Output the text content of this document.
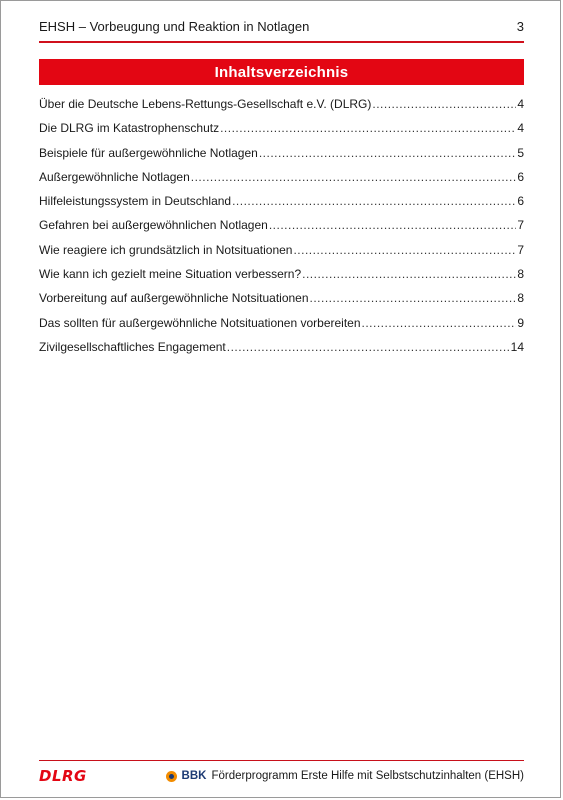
EHSH – Vorbeugung und Reaktion in Notlagen	3
Inhaltsverzeichnis
Über die Deutsche Lebens-Rettungs-Gesellschaft e.V. (DLRG) .....	4
Die DLRG im Katastrophenschutz .....	4
Beispiele für außergewöhnliche Notlagen .....	5
Außergewöhnliche Notlagen .....	6
Hilfeleistungssystem in Deutschland .....	6
Gefahren bei außergewöhnlichen Notlagen .....	7
Wie reagiere ich grundsätzlich in Notsituationen .....	7
Wie kann ich gezielt meine Situation verbessern? .....	8
Vorbereitung auf außergewöhnliche Notsituationen .....	8
Das sollten für außergewöhnliche Notsituationen vorbereiten .....	9
Zivilgesellschaftliches Engagement .....	14
DLRG	BBK Förderprogramm Erste Hilfe mit Selbstschutzinhalten (EHSH)
